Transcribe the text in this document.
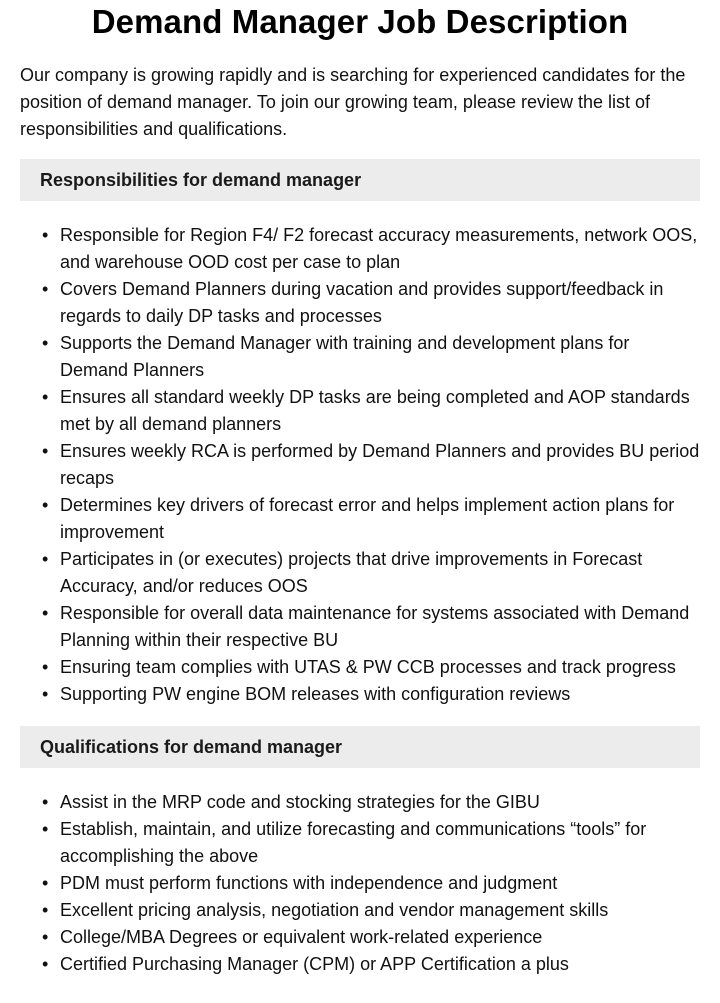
Demand Manager Job Description

Our company is growing rapidly and is searching for experienced candidates for the position of demand manager. To join our growing team, please review the list of responsibilities and qualifications.

Responsibilities for demand manager
• Responsible for Region F4/ F2 forecast accuracy measurements, network OOS, and warehouse OOD cost per case to plan
• Covers Demand Planners during vacation and provides support/feedback in regards to daily DP tasks and processes
• Supports the Demand Manager with training and development plans for Demand Planners
• Ensures all standard weekly DP tasks are being completed and AOP standards met by all demand planners
• Ensures weekly RCA is performed by Demand Planners and provides BU period recaps
• Determines key drivers of forecast error and helps implement action plans for improvement
• Participates in (or executes) projects that drive improvements in Forecast Accuracy, and/or reduces OOS
• Responsible for overall data maintenance for systems associated with Demand Planning within their respective BU
• Ensuring team complies with UTAS & PW CCB processes and track progress
• Supporting PW engine BOM releases with configuration reviews
Qualifications for demand manager
• Assist in the MRP code and stocking strategies for the GIBU
• Establish, maintain, and utilize forecasting and communications “tools” for accomplishing the above
• PDM must perform functions with independence and judgment
• Excellent pricing analysis, negotiation and vendor management skills
• College/MBA Degrees or equivalent work-related experience
• Certified Purchasing Manager (CPM) or APP Certification a plus
